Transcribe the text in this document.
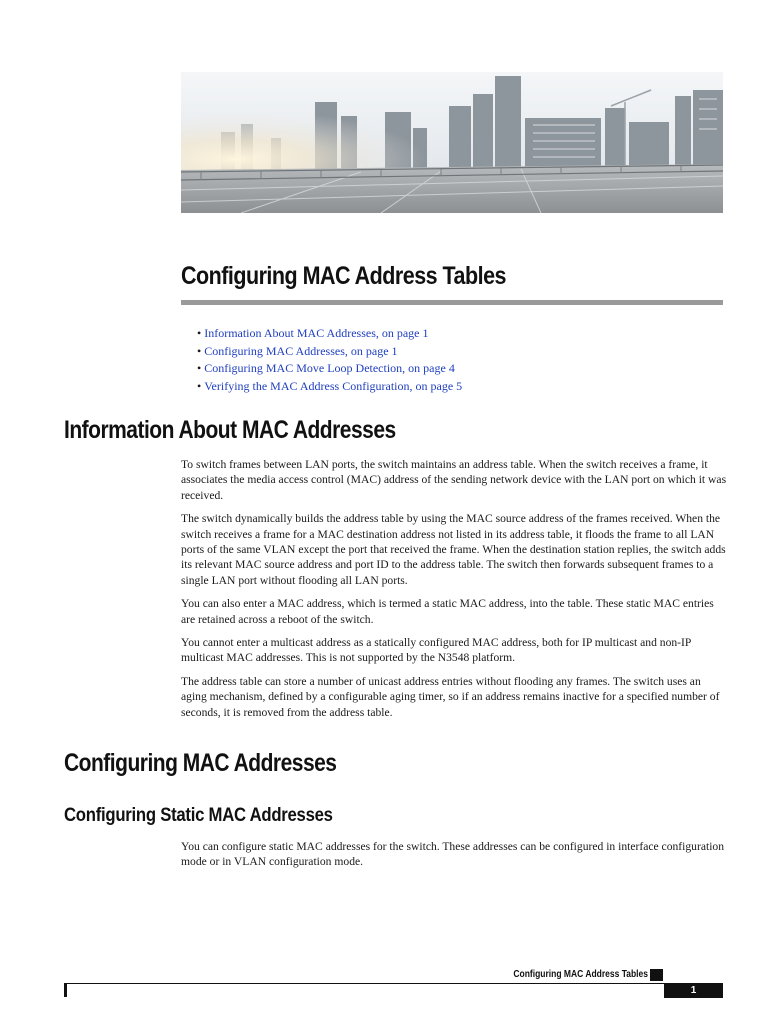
Configuring MAC Address Tables
• Information About MAC Addresses, on page 1
• Configuring MAC Addresses, on page 1
• Configuring MAC Move Loop Detection, on page 4
• Verifying the MAC Address Configuration, on page 5
Information About MAC Addresses

To switch frames between LAN ports, the switch maintains an address table. When the switch receives a frame, it associates the media access control (MAC) address of the sending network device with the LAN port on which it was received.

The switch dynamically builds the address table by using the MAC source address of the frames received. When the switch receives a frame for a MAC destination address not listed in its address table, it floods the frame to all LAN ports of the same VLAN except the port that received the frame. When the destination station replies, the switch adds its relevant MAC source address and port ID to the address table. The switch then forwards subsequent frames to a single LAN port without flooding all LAN ports.

You can also enter a MAC address, which is termed a static MAC address, into the table. These static MAC entries are retained across a reboot of the switch.

You cannot enter a multicast address as a statically configured MAC address, both for IP multicast and non-IP multicast MAC addresses. This is not supported by the N3548 platform.

The address table can store a number of unicast address entries without flooding any frames. The switch uses an aging mechanism, defined by a configurable aging timer, so if an address remains inactive for a specified number of seconds, it is removed from the address table.

Configuring MAC Addresses
Configuring Static MAC Addresses

You can configure static MAC addresses for the switch. These addresses can be configured in interface configuration mode or in VLAN configuration mode.

Configuring MAC Address Tables
1
